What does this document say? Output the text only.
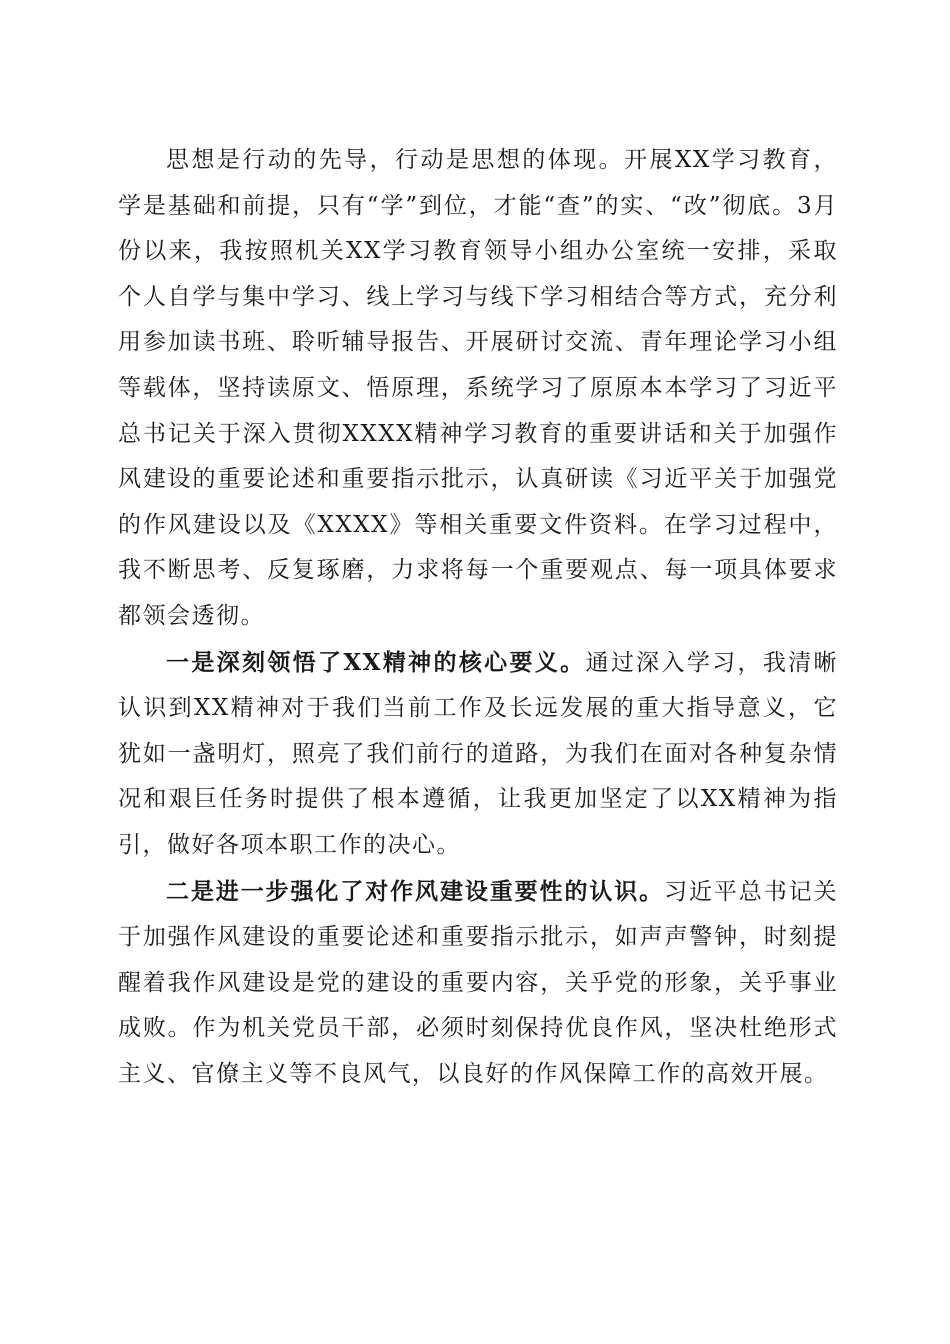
思想是行动的先导，行动是思想的体现。开展XX学习教育，学是基础和前提，只有“学”到位，才能“查”的实、“改”彻底。3月份以来，我按照机关XX学习教育领导小组办公室统一安排，采取个人自学与集中学习、线上学习与线下学习相结合等方式，充分利用参加读书班、聆听辅导报告、开展研讨交流、青年理论学习小组等载体，坚持读原文、悟原理，系统学习了原原本本学习了习近平总书记关于深入贯彻XXXX精神学习教育的重要讲话和关于加强作风建设的重要论述和重要指示批示，认真研读《习近平关于加强党的作风建设以及《XXXX》等相关重要文件资料。在学习过程中，我不断思考、反复琢磨，力求将每一个重要观点、每一项具体要求都领会透彻。

一是深刻领悟了XX精神的核心要义。通过深入学习，我清晰认识到XX精神对于我们当前工作及长远发展的重大指导意义，它犹如一盏明灯，照亮了我们前行的道路，为我们在面对各种复杂情况和艰巨任务时提供了根本遵循，让我更加坚定了以XX精神为指引，做好各项本职工作的决心。

二是进一步强化了对作风建设重要性的认识。习近平总书记关于加强作风建设的重要论述和重要指示批示，如声声警钟，时刻提醒着我作风建设是党的建设的重要内容，关乎党的形象，关乎事业成败。作为机关党员干部，必须时刻保持优良作风，坚决杜绝形式主义、官僚主义等不良风气，以良好的作风保障工作的高效开展。
